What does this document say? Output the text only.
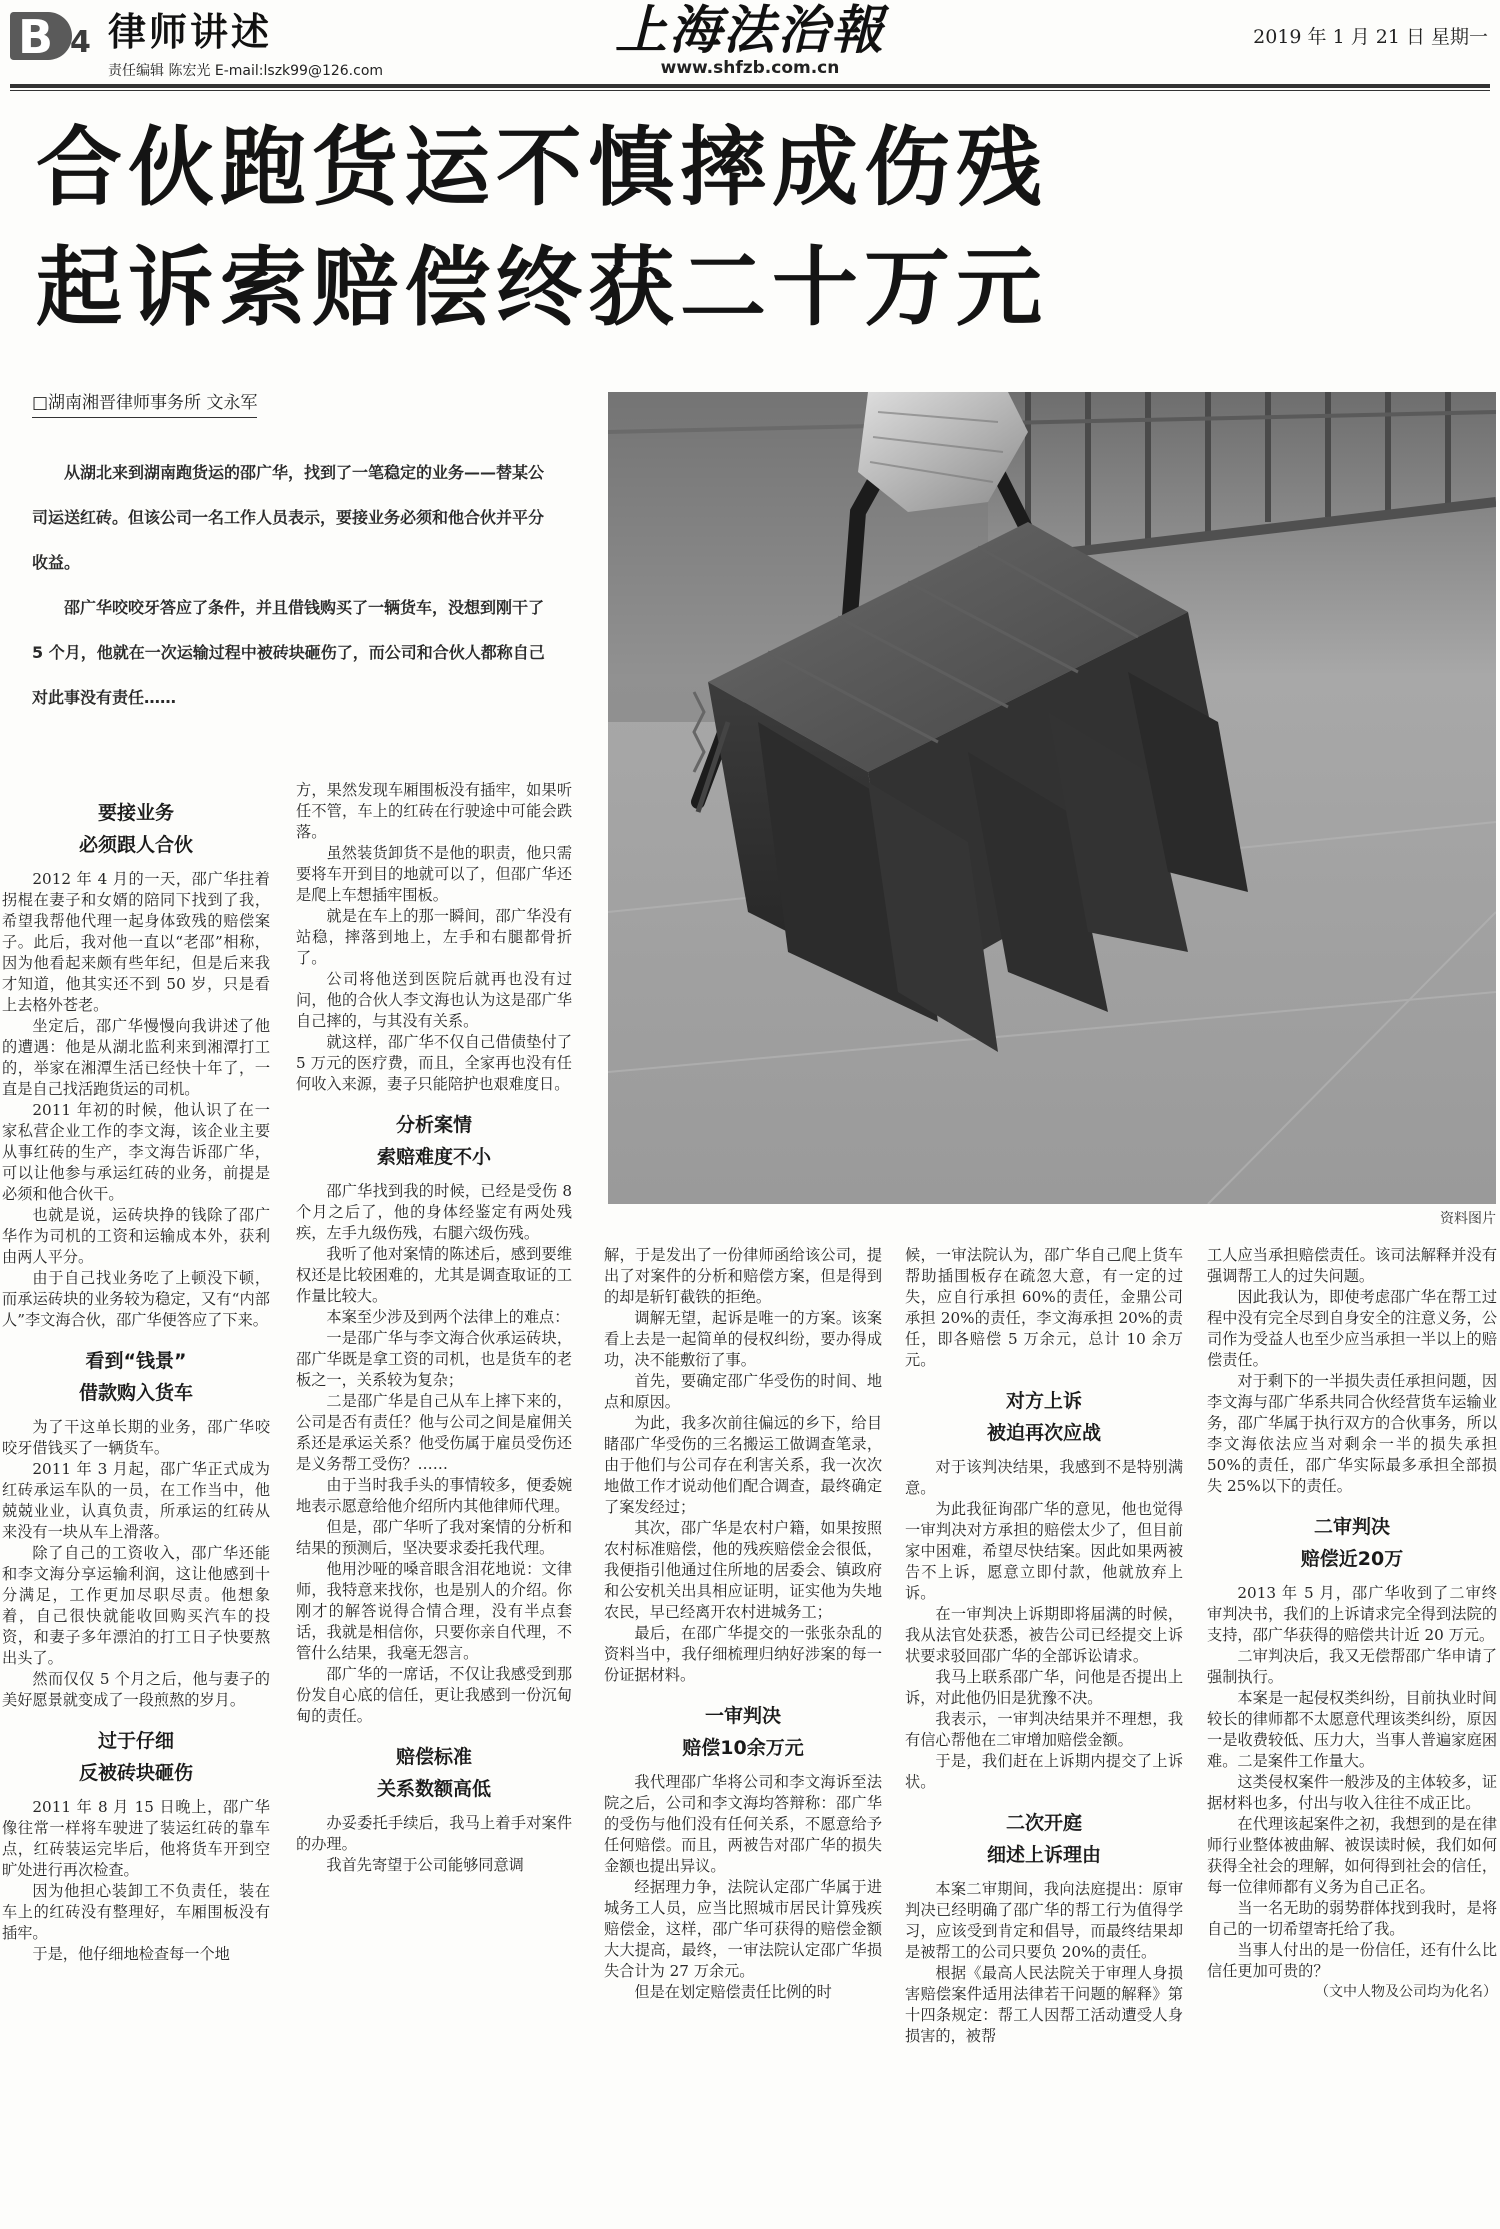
B 4 律师讲述
责任编辑 陈宏光 E-mail:lszk99@126.com
上海法治報
www.shfzb.com.cn
2019 年 1 月 21 日 星期一
合伙跑货运不慎摔成伤残
起诉索赔偿终获二十万元
□湖南湘晋律师事务所 文永军

从湖北来到湖南跑货运的邵广华，找到了一笔稳定的业务——替某公司运送红砖。但该公司一名工作人员表示，要接业务必须和他合伙并平分收益。

邵广华咬咬牙答应了条件，并且借钱购买了一辆货车，没想到刚干了 5 个月，他就在一次运输过程中被砖块砸伤了，而公司和合伙人都称自己对此事没有责任……

资料图片
要接业务
必须跟人合伙

2012 年 4 月的一天，邵广华拄着拐棍在妻子和女婿的陪同下找到了我，希望我帮他代理一起身体致残的赔偿案子。此后，我对他一直以“老邵”相称，因为他看起来颇有些年纪，但是后来我才知道，他其实还不到 50 岁，只是看上去格外苍老。

坐定后，邵广华慢慢向我讲述了他的遭遇：他是从湖北监利来到湘潭打工的，举家在湘潭生活已经快十年了，一直是自己找活跑货运的司机。

2011 年初的时候，他认识了在一家私营企业工作的李文海，该企业主要从事红砖的生产，李文海告诉邵广华，可以让他参与承运红砖的业务，前提是必须和他合伙干。

也就是说，运砖块挣的钱除了邵广华作为司机的工资和运输成本外，获利由两人平分。

由于自己找业务吃了上顿没下顿，而承运砖块的业务较为稳定，又有“内部人”李文海合伙，邵广华便答应了下来。

看到“钱景”
借款购入货车

为了干这单长期的业务，邵广华咬咬牙借钱买了一辆货车。

2011 年 3 月起，邵广华正式成为红砖承运车队的一员，在工作当中，他兢兢业业，认真负责，所承运的红砖从来没有一块从车上滑落。

除了自己的工资收入，邵广华还能和李文海分享运输利润，这让他感到十分满足，工作更加尽职尽责。他想象着，自己很快就能收回购买汽车的投资，和妻子多年漂泊的打工日子快要熬出头了。

然而仅仅 5 个月之后，他与妻子的美好愿景就变成了一段煎熬的岁月。

过于仔细
反被砖块砸伤

2011 年 8 月 15 日晚上，邵广华像往常一样将车驶进了装运红砖的靠车点，红砖装运完毕后，他将货车开到空旷处进行再次检查。

因为他担心装卸工不负责任，装在车上的红砖没有整理好，车厢围板没有插牢。

于是，他仔细地检查每一个地

方，果然发现车厢围板没有插牢，如果听任不管，车上的红砖在行驶途中可能会跌落。

虽然装货卸货不是他的职责，他只需要将车开到目的地就可以了，但邵广华还是爬上车想插牢围板。

就是在车上的那一瞬间，邵广华没有站稳，摔落到地上，左手和右腿都骨折了。

公司将他送到医院后就再也没有过问，他的合伙人李文海也认为这是邵广华自己摔的，与其没有关系。

就这样，邵广华不仅自己借债垫付了 5 万元的医疗费，而且，全家再也没有任何收入来源，妻子只能陪护也艰难度日。

分析案情
索赔难度不小

邵广华找到我的时候，已经是受伤 8 个月之后了，他的身体经鉴定有两处残疾，左手九级伤残，右腿六级伤残。

我听了他对案情的陈述后，感到要维权还是比较困难的，尤其是调查取证的工作量比较大。

本案至少涉及到两个法律上的难点：

一是邵广华与李文海合伙承运砖块，邵广华既是拿工资的司机，也是货车的老板之一，关系较为复杂；

二是邵广华是自己从车上摔下来的，公司是否有责任？他与公司之间是雇佣关系还是承运关系？他受伤属于雇员受伤还是义务帮工受伤？……

由于当时我手头的事情较多，便委婉地表示愿意给他介绍所内其他律师代理。

但是，邵广华听了我对案情的分析和结果的预测后，坚决要求委托我代理。

他用沙哑的嗓音眼含泪花地说：文律师，我特意来找你，也是别人的介绍。你刚才的解答说得合情合理，没有半点套话，我就是相信你，只要你亲自代理，不管什么结果，我毫无怨言。

邵广华的一席话，不仅让我感受到那份发自心底的信任，更让我感到一份沉甸甸的责任。

赔偿标准
关系数额高低

办妥委托手续后，我马上着手对案件的办理。

我首先寄望于公司能够同意调

解，于是发出了一份律师函给该公司，提出了对案件的分析和赔偿方案，但是得到的却是斩钉截铁的拒绝。

调解无望，起诉是唯一的方案。该案看上去是一起简单的侵权纠纷，要办得成功，决不能敷衍了事。

首先，要确定邵广华受伤的时间、地点和原因。

为此，我多次前往偏远的乡下，给目睹邵广华受伤的三名搬运工做调查笔录，由于他们与公司存在利害关系，我一次次地做工作才说动他们配合调查，最终确定了案发经过；

其次，邵广华是农村户籍，如果按照农村标准赔偿，他的残疾赔偿金会很低，我便指引他通过住所地的居委会、镇政府和公安机关出具相应证明，证实他为失地农民，早已经离开农村进城务工；

最后，在邵广华提交的一张张杂乱的资料当中，我仔细梳理归纳好涉案的每一份证据材料。

一审判决
赔偿10余万元

我代理邵广华将公司和李文海诉至法院之后，公司和李文海均答辩称：邵广华的受伤与他们没有任何关系，不愿意给予任何赔偿。而且，两被告对邵广华的损失金额也提出异议。

经据理力争，法院认定邵广华属于进城务工人员，应当比照城市居民计算残疾赔偿金，这样，邵广华可获得的赔偿金额大大提高，最终，一审法院认定邵广华损失合计为 27 万余元。

但是在划定赔偿责任比例的时

候，一审法院认为，邵广华自己爬上货车帮助插围板存在疏忽大意，有一定的过失，应自行承担 60%的责任，金鼎公司承担 20%的责任，李文海承担 20%的责任，即各赔偿 5 万余元，总计 10 余万元。

对方上诉
被迫再次应战

对于该判决结果，我感到不是特别满意。

为此我征询邵广华的意见，他也觉得一审判决对方承担的赔偿太少了，但目前家中困难，希望尽快结案。因此如果两被告不上诉，愿意立即付款，他就放弃上诉。

在一审判决上诉期即将届满的时候，我从法官处获悉，被告公司已经提交上诉状要求驳回邵广华的全部诉讼请求。

我马上联系邵广华，问他是否提出上诉，对此他仍旧是犹豫不决。

我表示，一审判决结果并不理想，我有信心帮他在二审增加赔偿金额。

于是，我们赶在上诉期内提交了上诉状。

二次开庭
细述上诉理由

本案二审期间，我向法庭提出：原审判决已经明确了邵广华的帮工行为值得学习，应该受到肯定和倡导，而最终结果却是被帮工的公司只要负 20%的责任。

根据《最高人民法院关于审理人身损害赔偿案件适用法律若干问题的解释》第十四条规定：帮工人因帮工活动遭受人身损害的，被帮

工人应当承担赔偿责任。该司法解释并没有强调帮工人的过失问题。

因此我认为，即使考虑邵广华在帮工过程中没有完全尽到自身安全的注意义务，公司作为受益人也至少应当承担一半以上的赔偿责任。

对于剩下的一半损失责任承担问题，因李文海与邵广华系共同合伙经营货车运输业务，邵广华属于执行双方的合伙事务，所以李文海依法应当对剩余一半的损失承担 50%的责任，邵广华实际最多承担全部损失 25%以下的责任。

二审判决
赔偿近20万

2013 年 5 月，邵广华收到了二审终审判决书，我们的上诉请求完全得到法院的支持，邵广华获得的赔偿共计近 20 万元。

二审判决后，我又无偿帮邵广华申请了强制执行。

本案是一起侵权类纠纷，目前执业时间较长的律师都不太愿意代理该类纠纷，原因一是收费较低、压力大，当事人普遍家庭困难。二是案件工作量大。

这类侵权案件一般涉及的主体较多，证据材料也多，付出与收入往往不成正比。

在代理该起案件之初，我想到的是在律师行业整体被曲解、被误读时候，我们如何获得全社会的理解，如何得到社会的信任，每一位律师都有义务为自己正名。

当一名无助的弱势群体找到我时，是将自己的一切希望寄托给了我。

当事人付出的是一份信任，还有什么比信任更加可贵的？

（文中人物及公司均为化名）
